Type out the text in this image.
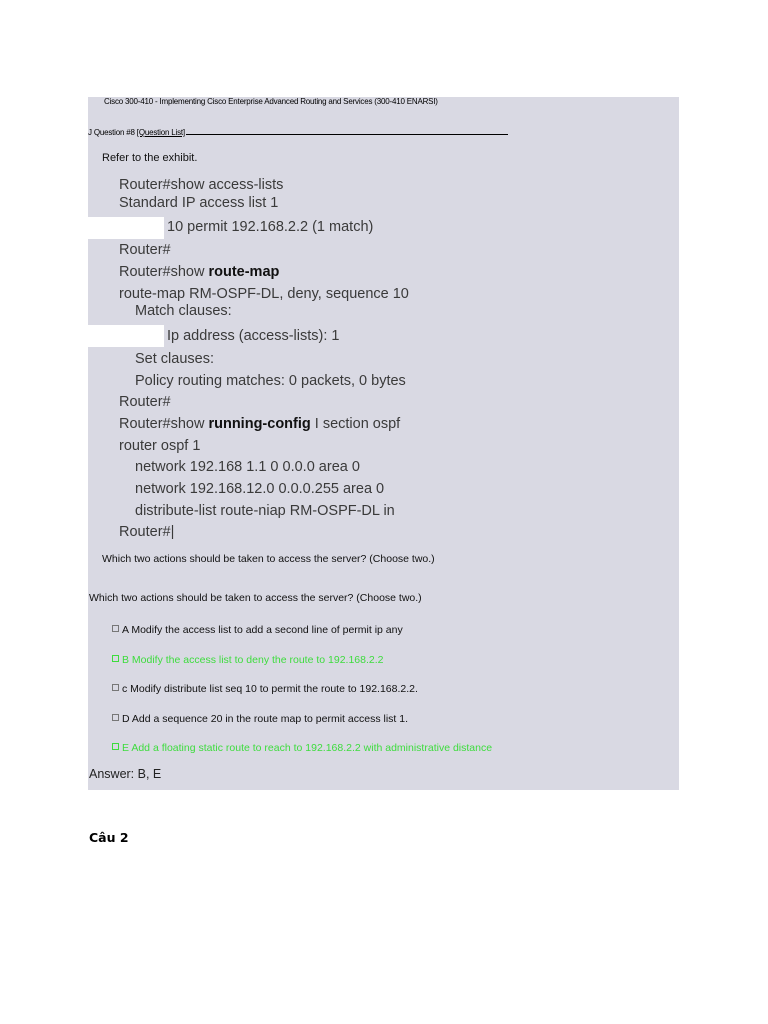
Cisco 300-410 - Implementing Cisco Enterprise Advanced Routing and Services (300-410 ENARSI)
J Question #8 [Question List]
Refer to the exhibit.
Router#show access-lists
Standard IP access list 1
10 permit 192.168.2.2 (1 match)
Router#
Router#show route-map
route-map RM-OSPF-DL, deny, sequence 10
Match clauses:
Ip address (access-lists): 1
Set clauses:
Policy routing matches: 0 packets, 0 bytes
Router#
Router#show running-config I section ospf
router ospf 1
network 192.168 1.1 0 0.0.0 area 0
network 192.168.12.0 0.0.0.255 area 0
distribute-list route-niap RM-OSPF-DL in
Router#|
Which two actions should be taken to access the server? (Choose two.)
Which two actions should be taken to access the server? (Choose two.)
A Modify the access list to add a second line of permit ip any
B Modify the access list to deny the route to 192.168.2.2
c Modify distribute list seq 10 to permit the route to 192.168.2.2.
D Add a sequence 20 in the route map to permit access list 1.
E Add a floating static route to reach to 192.168.2.2 with administrative distance
Answer: B, E
Câu 2
